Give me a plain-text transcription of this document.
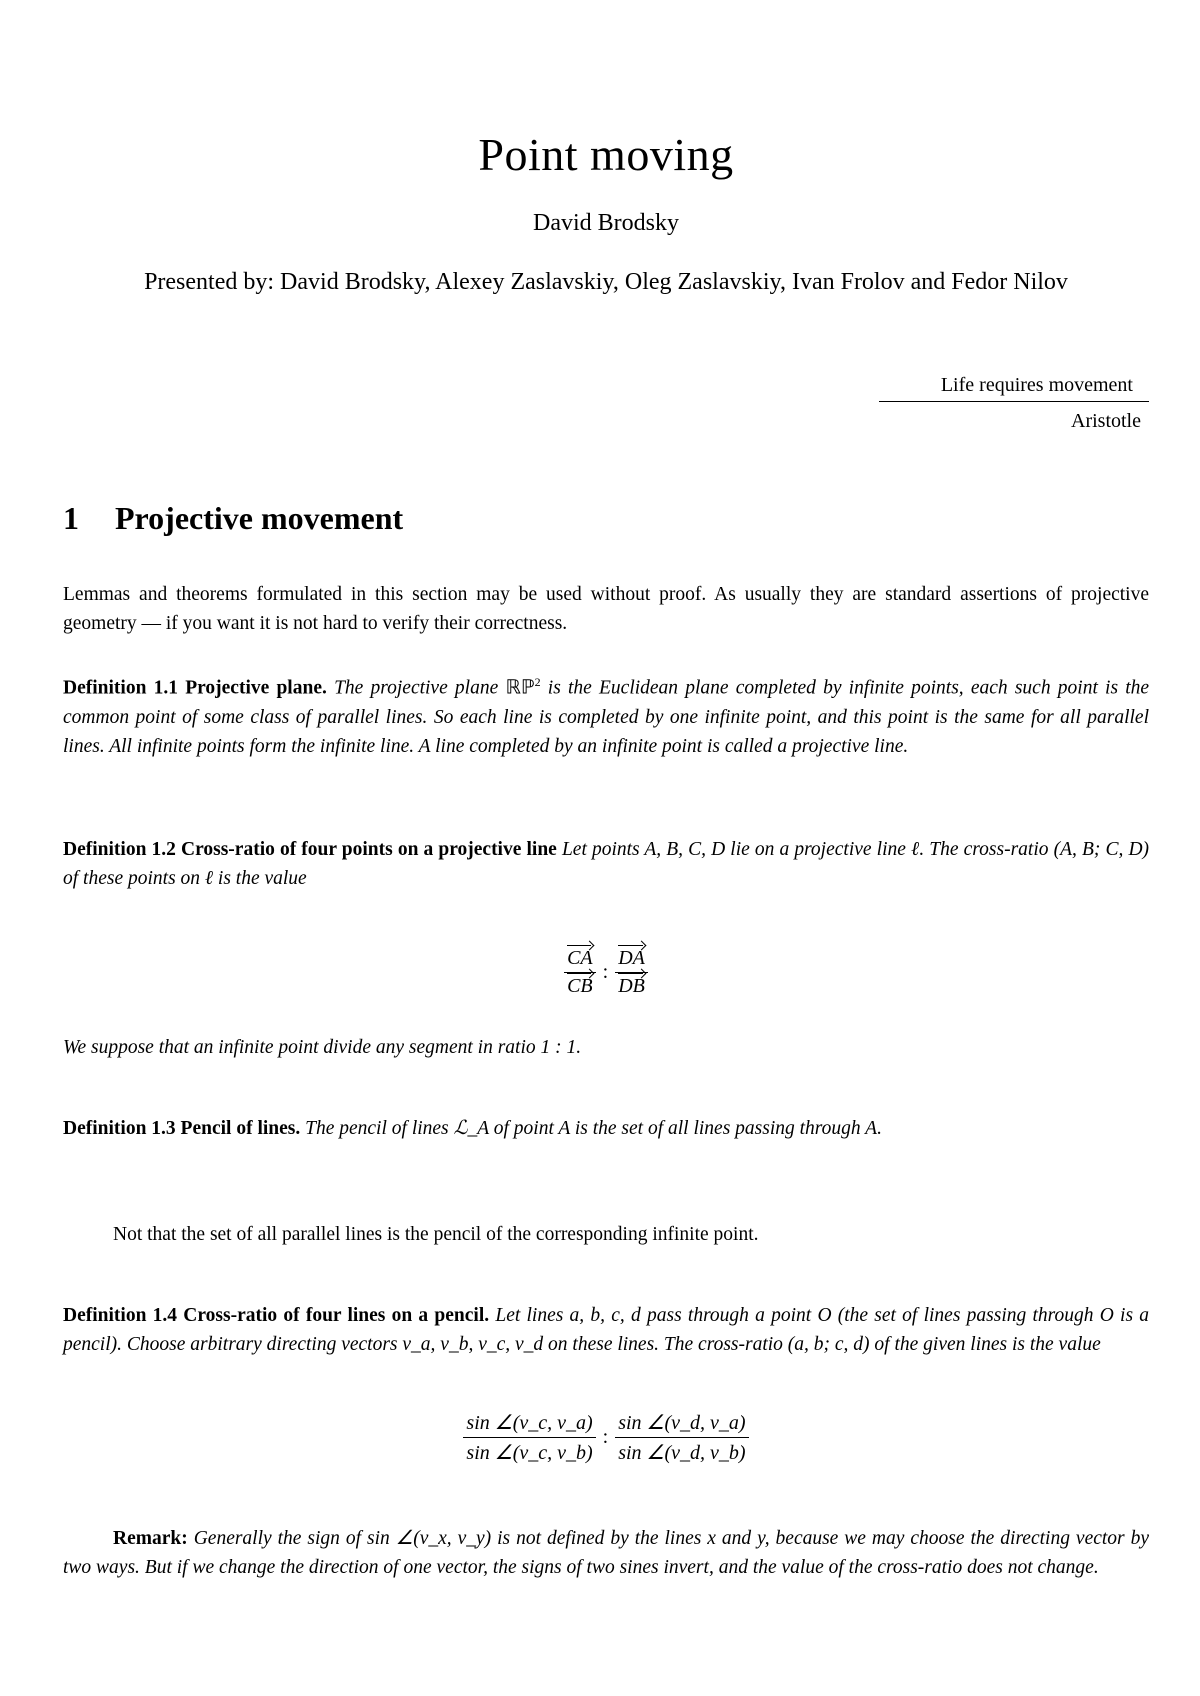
Point moving
David Brodsky
Presented by: David Brodsky, Alexey Zaslavskiy, Oleg Zaslavskiy, Ivan Frolov and Fedor Nilov
Life requires movement
Aristotle
1 Projective movement
Lemmas and theorems formulated in this section may be used without proof. As usually they are standard assertions of projective geometry — if you want it is not hard to verify their correctness.
Definition 1.1 Projective plane. The projective plane ℝℙ$^2$ is the Euclidean plane completed by infinite points, each such point is the common point of some class of parallel lines. So each line is completed by one infinite point, and this point is the same for all parallel lines. All infinite points form the infinite line. A line completed by an infinite point is called a projective line.
Definition 1.2 Cross-ratio of four points on a projective line Let points A, B, C, D lie on a projective line ℓ. The cross-ratio (A, B; C, D) of these points on ℓ is the value
$\frac{CA}{CB}$ : $\frac{DA}{DB}$
We suppose that an infinite point divide any segment in ratio 1 : 1.
Definition 1.3 Pencil of lines. The pencil of lines ℒ_A of point A is the set of all lines passing through A.
Not that the set of all parallel lines is the pencil of the corresponding infinite point.
Definition 1.4 Cross-ratio of four lines on a pencil. Let lines a, b, c, d pass through a point O (the set of lines passing through O is a pencil). Choose arbitrary directing vectors v_a, v_b, v_c, v_d on these lines. The cross-ratio (a, b; c, d) of the given lines is the value
$\frac{\sin \angle(v\_c, v\_a)}{\sin \angle(v\_c, v\_b)}$ : $\frac{\sin \angle(v\_d, v\_a)}{\sin \angle(v\_d, v\_b)}$
Remark: Generally the sign of sin ∠(v_x, v_y) is not defined by the lines x and y, because we may choose the directing vector by two ways. But if we change the direction of one vector, the signs of two sines invert, and the value of the cross-ratio does not change.
